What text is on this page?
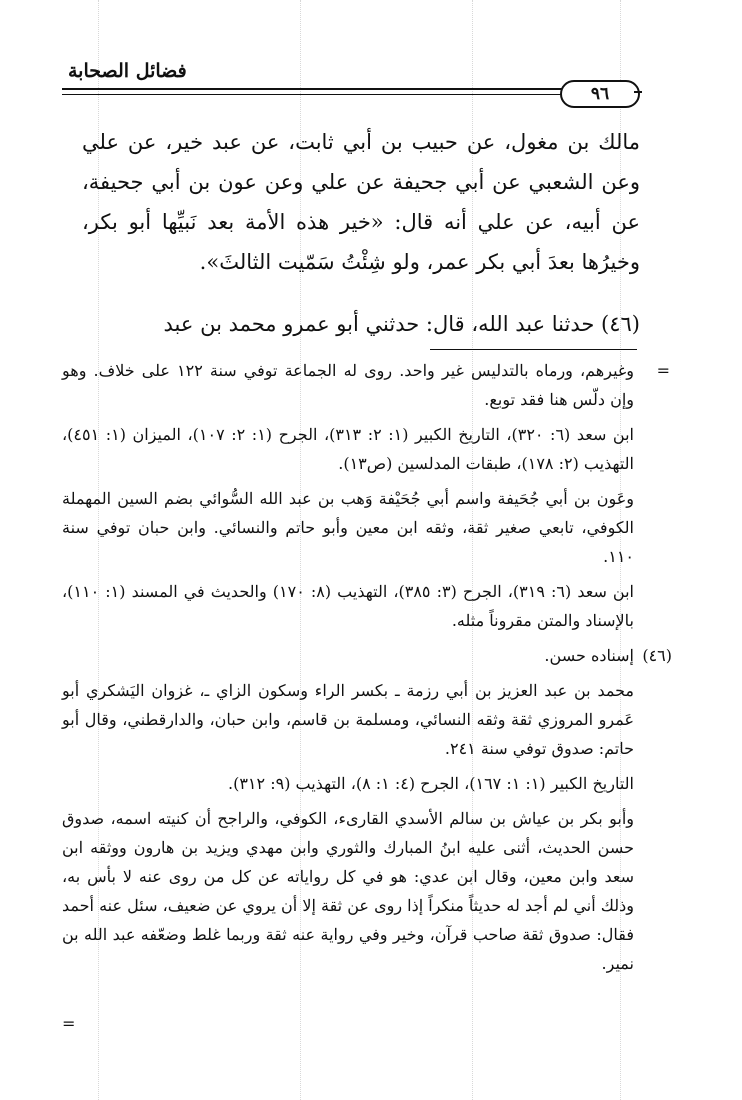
فضائل الصحابة
٩٦

مالك بن مغول، عن حبيب بن أبي ثابت، عن عبد خير، عن علي وعن الشعبي عن أبي جحيفة عن علي وعن عون بن أبي جحيفة، عن أبيه، عن علي أنه قال: «خير هذه الأمة بعد نَبيِّها أبو بكر، وخيرُها بعدَ أبي بكر عمر، ولو شِئْتُ سَمّيت الثالثَ».

(٤٦) حدثنا عبد الله، قال: حدثني أبو عمرو محمد بن عبد

=
وغيرهم، ورماه بالتدليس غير واحد. روى له الجماعة توفي سنة ١٢٢ على خلاف. وهو وإن دلّس هنا فقد توبع.
ابن سعد (٦: ٣٢٠)، التاريخ الكبير (١: ٢: ٣١٣)، الجرح (١: ٢: ١٠٧)، الميزان (١: ٤٥١)، التهذيب (٢: ١٧٨)، طبقات المدلسين (ص١٣).
وعَون بن أبي جُحَيفة واسم أبي جُحَيْفة وَهب بن عبد الله السُّوائي بضم السين المهملة الكوفي، تابعي صغير ثقة، وثقه ابن معين وأبو حاتم والنسائي. وابن حبان توفي سنة ١١٠.
ابن سعد (٦: ٣١٩)، الجرح (٣: ٣٨٥)، التهذيب (٨: ١٧٠) والحديث في المسند (١: ١١٠)، بالإسناد والمتن مقروناً مثله.
(٤٦)
إسناده حسن.
محمد بن عبد العزيز بن أبي رزمة ـ بكسر الراء وسكون الزاي ـ، غزوان اليَشكري أبو عَمرو المروزي ثقة وثقه النسائي، ومسلمة بن قاسم، وابن حبان، والدارقطني، وقال أبو حاتم: صدوق توفي سنة ٢٤١.
التاريخ الكبير (١: ١: ١٦٧)، الجرح (٤: ١: ٨)، التهذيب (٩: ٣١٢).
وأبو بكر بن عياش بن سالم الأسدي القارىء، الكوفي، والراجح أن كنيته اسمه، صدوق حسن الحديث، أثنى عليه ابنُ المبارك والثوري وابن مهدي ويزيد بن هارون ووثقه ابن سعد وابن معين، وقال ابن عدي: هو في كل رواياته عن كل من روى عنه لا بأس به، وذلك أني لم أجد له حديثاً منكراً إذا روى عن ثقة إلا أن يروي عن ضعيف، سئل عنه أحمد فقال: صدوق ثقة صاحب قرآن، وخير وفي رواية عنه ثقة وربما غلط وضعّفه عبد الله بن نمير.
=
